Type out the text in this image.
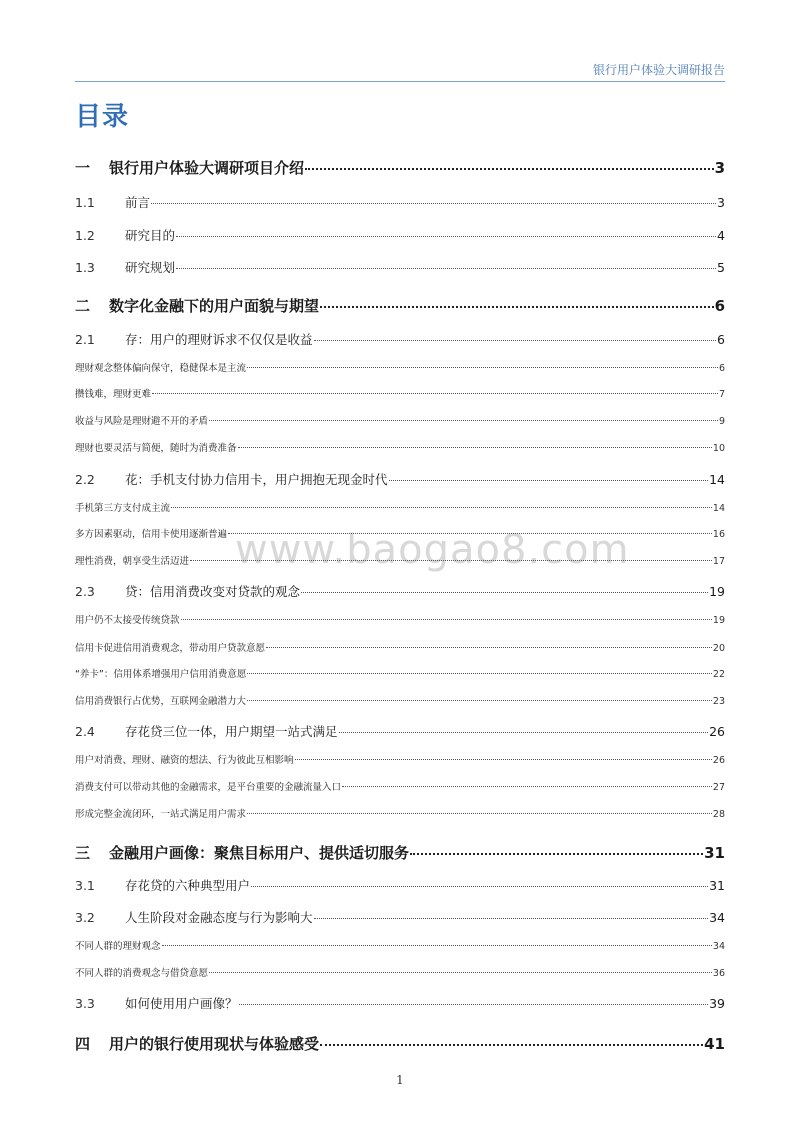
银行用户体验大调研报告
目录
www.baogao8.com
一	银行用户体验大调研项目介绍	3
1.1	前言	3
1.2	研究目的	4
1.3	研究规划	5
二	数字化金融下的用户面貌与期望	6
2.1	存：用户的理财诉求不仅仅是收益	6
理财观念整体偏向保守，稳健保本是主流	6
攒钱难，理财更难	7
收益与风险是理财避不开的矛盾	9
理财也要灵活与简便，随时为消费准备	10
2.2	花：手机支付协力信用卡，用户拥抱无现金时代	14
手机第三方支付成主流	14
多方因素驱动，信用卡使用逐渐普遍	16
理性消费，朝享受生活迈进	17
2.3	贷：信用消费改变对贷款的观念	19
用户仍不太接受传统贷款	19
信用卡促进信用消费观念，带动用户贷款意愿	20
“养卡”：信用体系增强用户信用消费意愿	22
信用消费银行占优势，互联网金融潜力大	23
2.4	存花贷三位一体，用户期望一站式满足	26
用户对消费、理财、融资的想法、行为彼此互相影响	26
消费支付可以带动其他的金融需求，是平台重要的金融流量入口	27
形成完整金流闭环，一站式满足用户需求	28
三	金融用户画像：聚焦目标用户、提供适切服务	31
3.1	存花贷的六种典型用户	31
3.2	人生阶段对金融态度与行为影响大	34
不同人群的理财观念	34
不同人群的消费观念与借贷意愿	36
3.3	如何使用用户画像？	39
四	用户的银行使用现状与体验感受	41
1
